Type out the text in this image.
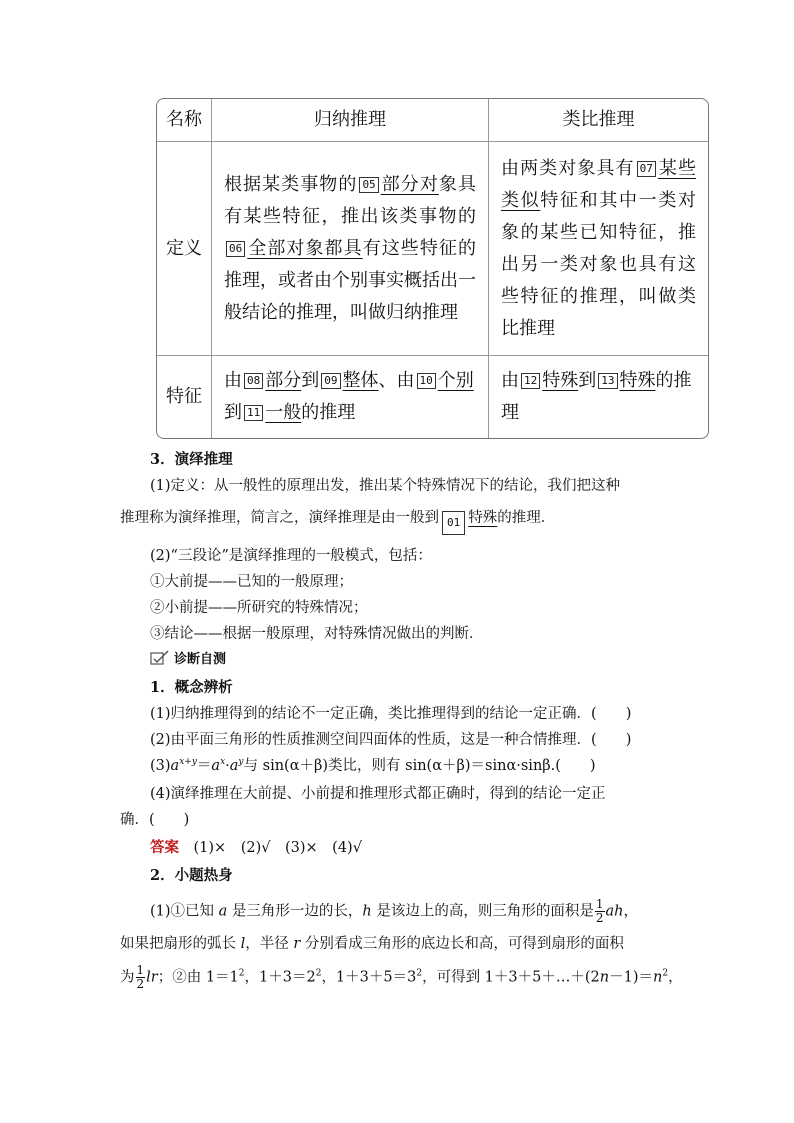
名称	归纳推理	类比推理
定义	根据某类事物的 05 部分对象具有某些特征，推出该类事物的06 全部对象都具有这些特征的推理，或者由个别事实概括出一般结论的推理，叫做归纳推理	由两类对象具有 07 某些类似特征和其中一类对象的某些已知特征，推出另一类对象也具有这些特征的推理，叫做类比推理
特征	由 08 部分到 09 整体、由 10 个别到 11 一般的推理	由 12 特殊到 13 特殊的推理
3．演绎推理
(1)定义：从一般性的原理出发，推出某个特殊情况下的结论，我们把这种
推理称为演绎推理，简言之，演绎推理是由一般到 01 特殊的推理．
(2)“三段论”是演绎推理的一般模式，包括：
①大前提——已知的一般原理；
②小前提——所研究的特殊情况；
③结论——根据一般原理，对特殊情况做出的判断．
诊断自测
1．概念辨析
(1)归纳推理得到的结论不一定正确，类比推理得到的结论一定正确．(　　)
(2)由平面三角形的性质推测空间四面体的性质，这是一种合情推理．(　　)
$(3)a^{x+y}=a^x\cdot a^y$与 sin(α＋β)类比，则有 sin(α＋β)＝sinα·sinβ.(　　)
(4)演绎推理在大前提、小前提和推理形式都正确时，得到的结论一定正
确．(　　)
答案　 (1)×　(2)√　(3)×　(4)√
2．小题热身
(1)①已知 a 是三角形一边的长，h 是该边上的高，则三角形的面积是 $\frac{1}{2}$ ah，
如果把扇形的弧长 l，半径 r 分别看成三角形的底边长和高，可得到扇形的面积
为 $\frac{1}{2}$ lr；②由 $1=1^2$，$1+3=2^2$，$1+3+5=3^2$，可得到 $1+3+5+\dots+(2n-1)=n^2$，
